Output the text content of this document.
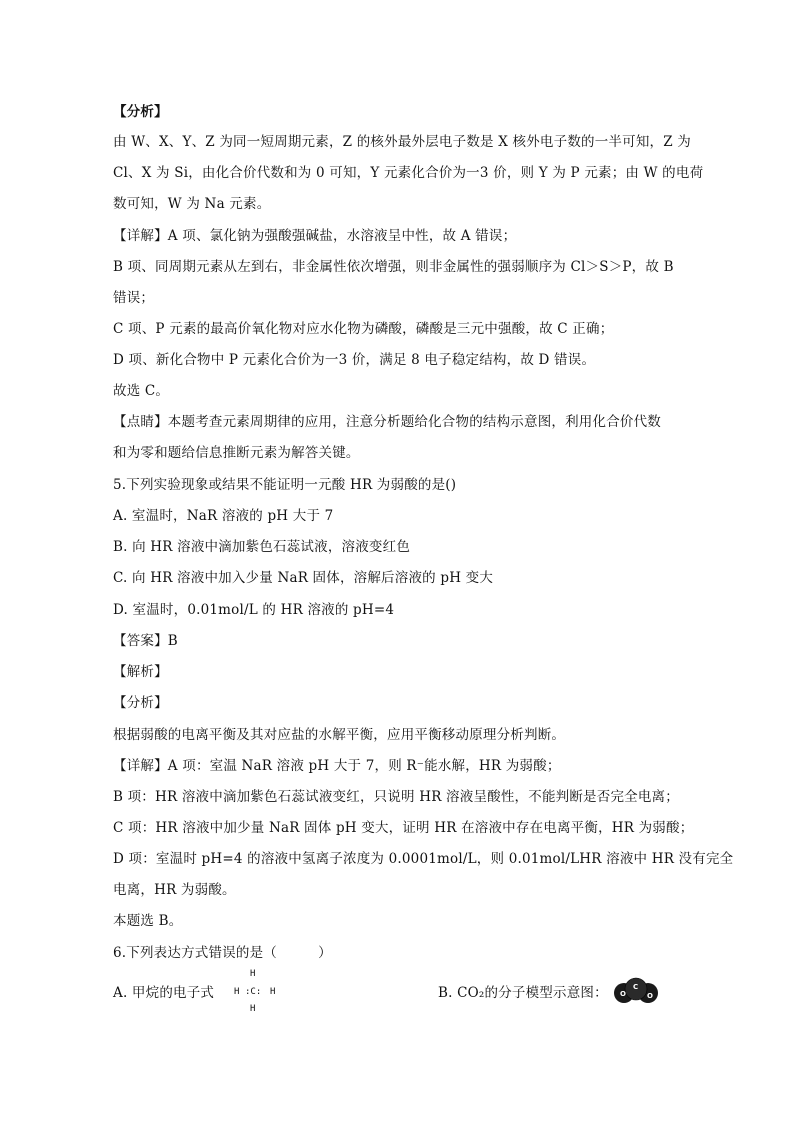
【分析】
由 W、X、Y、Z 为同一短周期元素，Z 的核外最外层电子数是 X 核外电子数的一半可知，Z 为
Cl、X 为 Si，由化合价代数和为 0 可知，Y 元素化合价为一3 价，则 Y 为 P 元素；由 W 的电荷
数可知，W 为 Na 元素。
【详解】A 项、氯化钠为强酸强碱盐，水溶液呈中性，故 A 错误；
B 项、同周期元素从左到右，非金属性依次增强，则非金属性的强弱顺序为 Cl＞S＞P，故 B
错误；
C 项、P 元素的最高价氧化物对应水化物为磷酸，磷酸是三元中强酸，故 C 正确；
D 项、新化合物中 P 元素化合价为一3 价，满足 8 电子稳定结构，故 D 错误。
故选 C。
【点睛】本题考查元素周期律的应用，注意分析题给化合物的结构示意图，利用化合价代数
和为零和题给信息推断元素为解答关键。
5.下列实验现象或结果不能证明一元酸 HR 为弱酸的是()
A. 室温时，NaR 溶液的 pH 大于 7
B. 向 HR 溶液中滴加紫色石蕊试液，溶液变红色
C. 向 HR 溶液中加入少量 NaR 固体，溶解后溶液的 pH 变大
D. 室温时，0.01mol/L 的 HR 溶液的 pH=4
【答案】B
【解析】
【分析】
根据弱酸的电离平衡及其对应盐的水解平衡，应用平衡移动原理分析判断。
【详解】A 项：室温 NaR 溶液 pH 大于 7，则 R⁻能水解，HR 为弱酸；
B 项：HR 溶液中滴加紫色石蕊试液变红，只说明 HR 溶液呈酸性，不能判断是否完全电离；
C 项：HR 溶液中加少量 NaR 固体 pH 变大，证明 HR 在溶液中存在电离平衡，HR 为弱酸；
D 项：室温时 pH=4 的溶液中氢离子浓度为 0.0001mol/L，则 0.01mol/LHR 溶液中 HR 没有完全
电离，HR 为弱酸。
本题选 B。
6.下列表达方式错误的是（　　　）
A. 甲烷的电子式
H
H :C: H
H
B. CO₂的分子模型示意图： O
C
O
